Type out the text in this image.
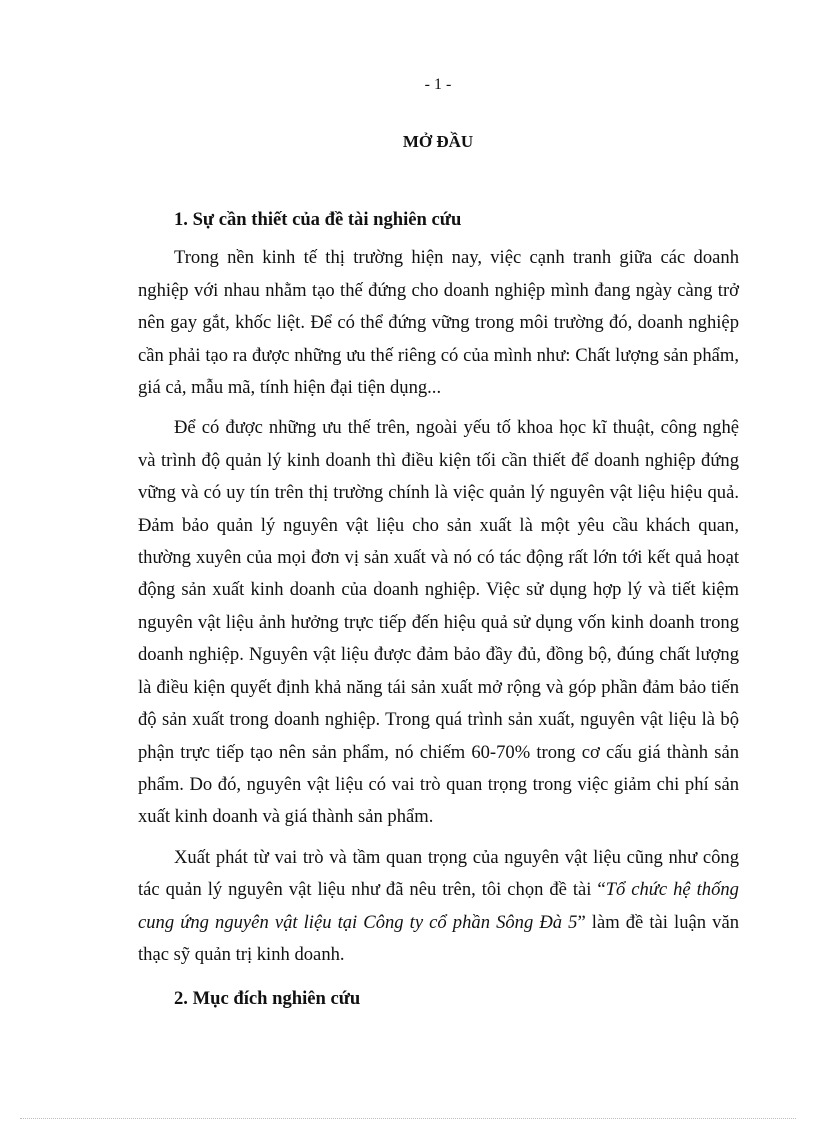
- 1 -
MỞ ĐẦU
1. Sự cần thiết của đề tài nghiên cứu

Trong nền kinh tế thị trường hiện nay, việc cạnh tranh giữa các doanh nghiệp với nhau nhằm tạo thế đứng cho doanh nghiệp mình đang ngày càng trở nên gay gắt, khốc liệt. Để có thể đứng vững trong môi trường đó, doanh nghiệp cần phải tạo ra được những ưu thế riêng có của mình như: Chất lượng sản phẩm, giá cả, mẫu mã, tính hiện đại tiện dụng...

Để có được những ưu thế trên, ngoài yếu tố khoa học kĩ thuật, công nghệ và trình độ quản lý kinh doanh thì điều kiện tối cần thiết để doanh nghiệp đứng vững và có uy tín trên thị trường chính là việc quản lý nguyên vật liệu hiệu quả. Đảm bảo quản lý nguyên vật liệu cho sản xuất là một yêu cầu khách quan, thường xuyên của mọi đơn vị sản xuất và nó có tác động rất lớn tới kết quả hoạt động sản xuất kinh doanh của doanh nghiệp. Việc sử dụng hợp lý và tiết kiệm nguyên vật liệu ảnh hưởng trực tiếp đến hiệu quả sử dụng vốn kinh doanh trong doanh nghiệp. Nguyên vật liệu được đảm bảo đầy đủ, đồng bộ, đúng chất lượng là điều kiện quyết định khả năng tái sản xuất mở rộng và góp phần đảm bảo tiến độ sản xuất trong doanh nghiệp. Trong quá trình sản xuất, nguyên vật liệu là bộ phận trực tiếp tạo nên sản phẩm, nó chiếm 60-70% trong cơ cấu giá thành sản phẩm. Do đó, nguyên vật liệu có vai trò quan trọng trong việc giảm chi phí sản xuất kinh doanh và giá thành sản phẩm.

Xuất phát từ vai trò và tầm quan trọng của nguyên vật liệu cũng như công tác quản lý nguyên vật liệu như đã nêu trên, tôi chọn đề tài “Tổ chức hệ thống cung ứng nguyên vật liệu tại Công ty cổ phần Sông Đà 5” làm đề tài luận văn thạc sỹ quản trị kinh doanh.

2. Mục đích nghiên cứu
